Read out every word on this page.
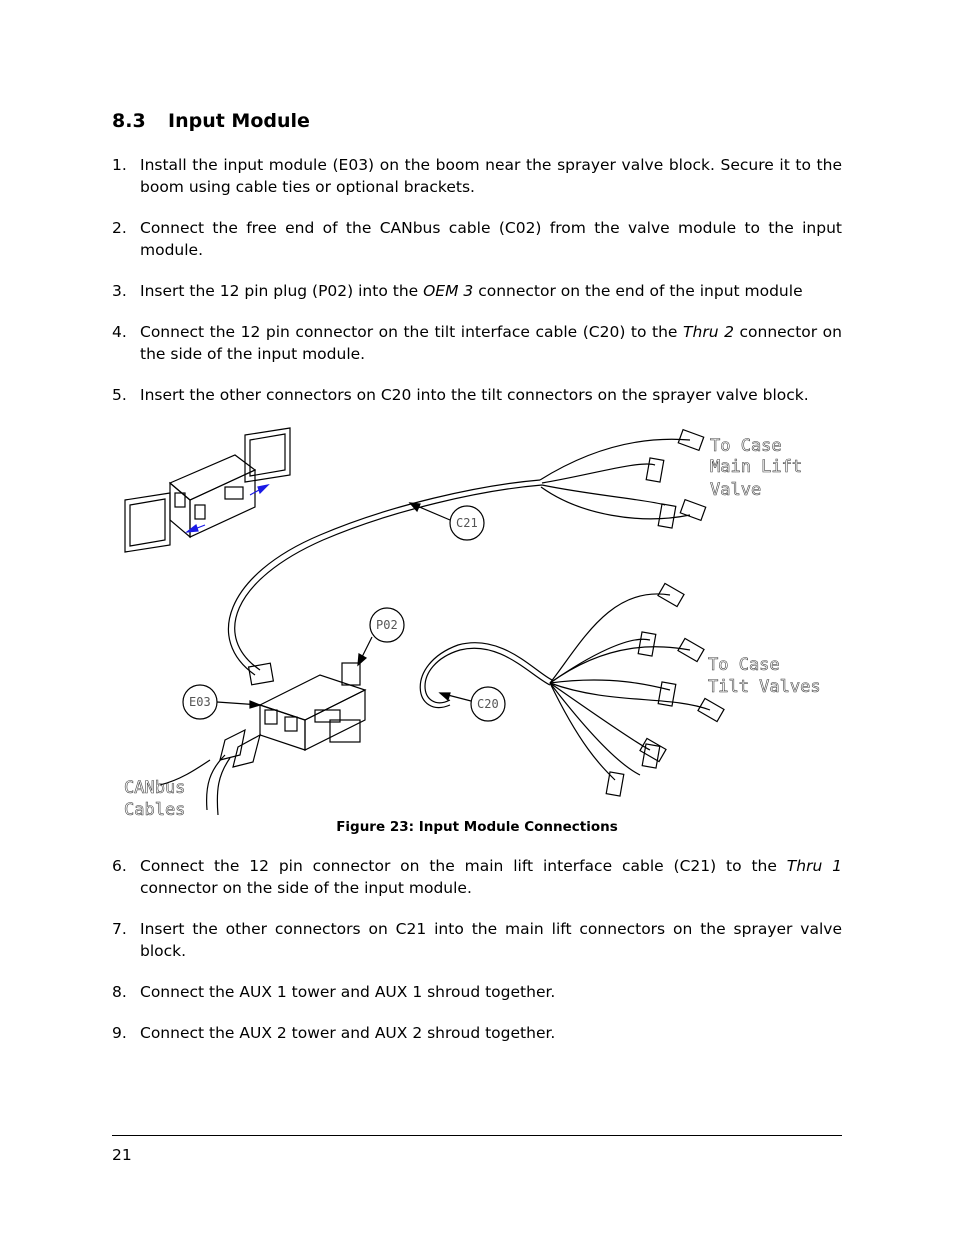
8.3 Input Module
1. Install the input module (E03) on the boom near the sprayer valve block. Secure it to the boom using cable ties or optional brackets.
2. Connect the free end of the CANbus cable (C02) from the valve module to the input module.
3. Insert the 12 pin plug (P02) into the OEM 3 connector on the end of the input module
4. Connect the 12 pin connector on the tilt interface cable (C20) to the Thru 2 connector on the side of the input module.
5. Insert the other connectors on C20 into the tilt connectors on the sprayer valve block.
C21
P02
E03	C20
To Case
Main Lift
Valve
To Case
Tilt Valves
CANbus
Cables
Figure 23: Input Module Connections
6. Connect the 12 pin connector on the main lift interface cable (C21) to the Thru 1 connector on the side of the input module.
7. Insert the other connectors on C21 into the main lift connectors on the sprayer valve block.
8. Connect the AUX 1 tower and AUX 1 shroud together.
9. Connect the AUX 2 tower and AUX 2 shroud together.
21
